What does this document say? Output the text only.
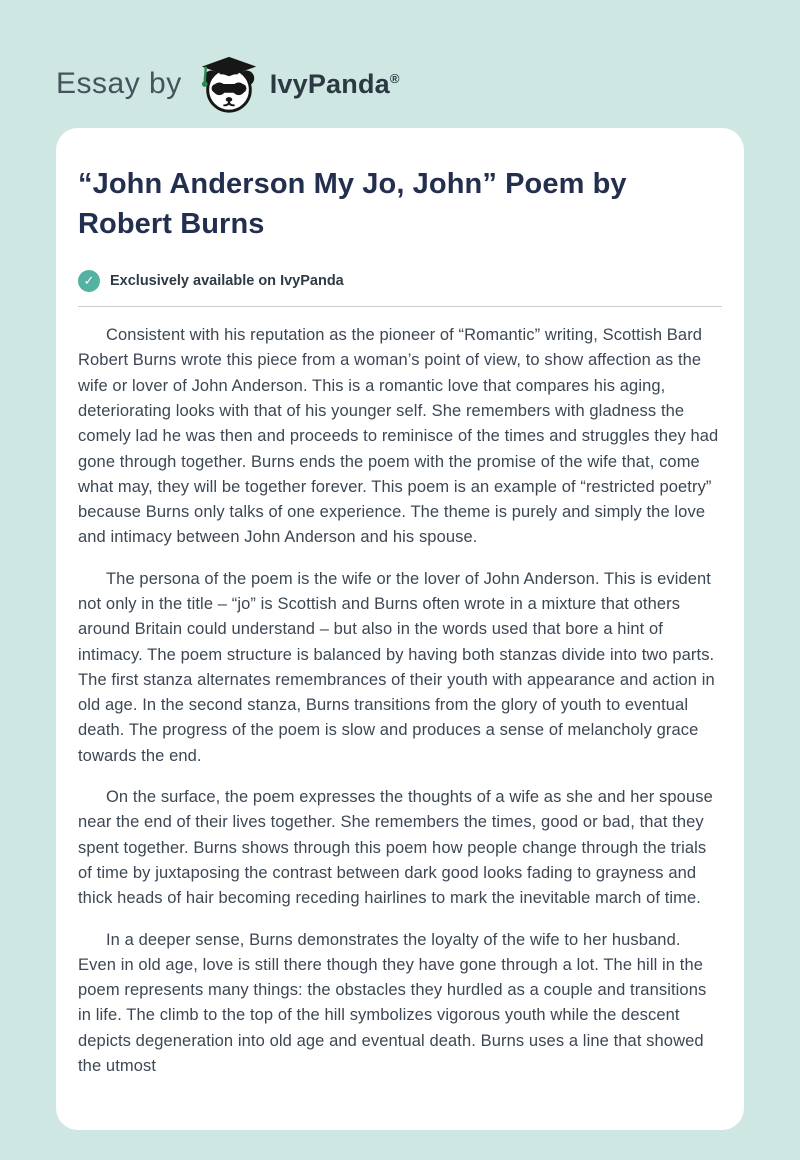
Essay by	IvyPanda®
“John Anderson My Jo, John” Poem by Robert Burns
✓	Exclusively available on IvyPanda

Consistent with his reputation as the pioneer of “Romantic” writing, Scottish Bard Robert Burns wrote this piece from a woman’s point of view, to show affection as the wife or lover of John Anderson. This is a romantic love that compares his aging, deteriorating looks with that of his younger self. She remembers with gladness the comely lad he was then and proceeds to reminisce of the times and struggles they had gone through together. Burns ends the poem with the promise of the wife that, come what may, they will be together forever. This poem is an example of “restricted poetry” because Burns only talks of one experience. The theme is purely and simply the love and intimacy between John Anderson and his spouse.

The persona of the poem is the wife or the lover of John Anderson. This is evident not only in the title – “jo” is Scottish and Burns often wrote in a mixture that others around Britain could understand – but also in the words used that bore a hint of intimacy. The poem structure is balanced by having both stanzas divide into two parts. The first stanza alternates remembrances of their youth with appearance and action in old age. In the second stanza, Burns transitions from the glory of youth to eventual death. The progress of the poem is slow and produces a sense of melancholy grace towards the end.

On the surface, the poem expresses the thoughts of a wife as she and her spouse near the end of their lives together. She remembers the times, good or bad, that they spent together. Burns shows through this poem how people change through the trials of time by juxtaposing the contrast between dark good looks fading to grayness and thick heads of hair becoming receding hairlines to mark the inevitable march of time.

In a deeper sense, Burns demonstrates the loyalty of the wife to her husband. Even in old age, love is still there though they have gone through a lot. The hill in the poem represents many things: the obstacles they hurdled as a couple and transitions in life. The climb to the top of the hill symbolizes vigorous youth while the descent depicts degeneration into old age and eventual death. Burns uses a line that showed the utmost
